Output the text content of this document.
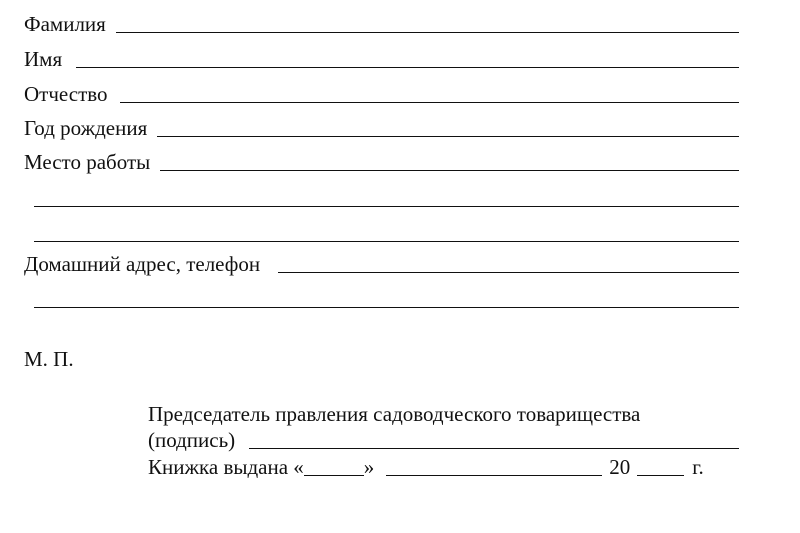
Фамилия
Имя
Отчество
Год рождения
Место работы
Домашний адрес, телефон
М. П.
Председатель правления садоводческого товарищества
(подпись)
Книжка выдана «	»	20	г.
